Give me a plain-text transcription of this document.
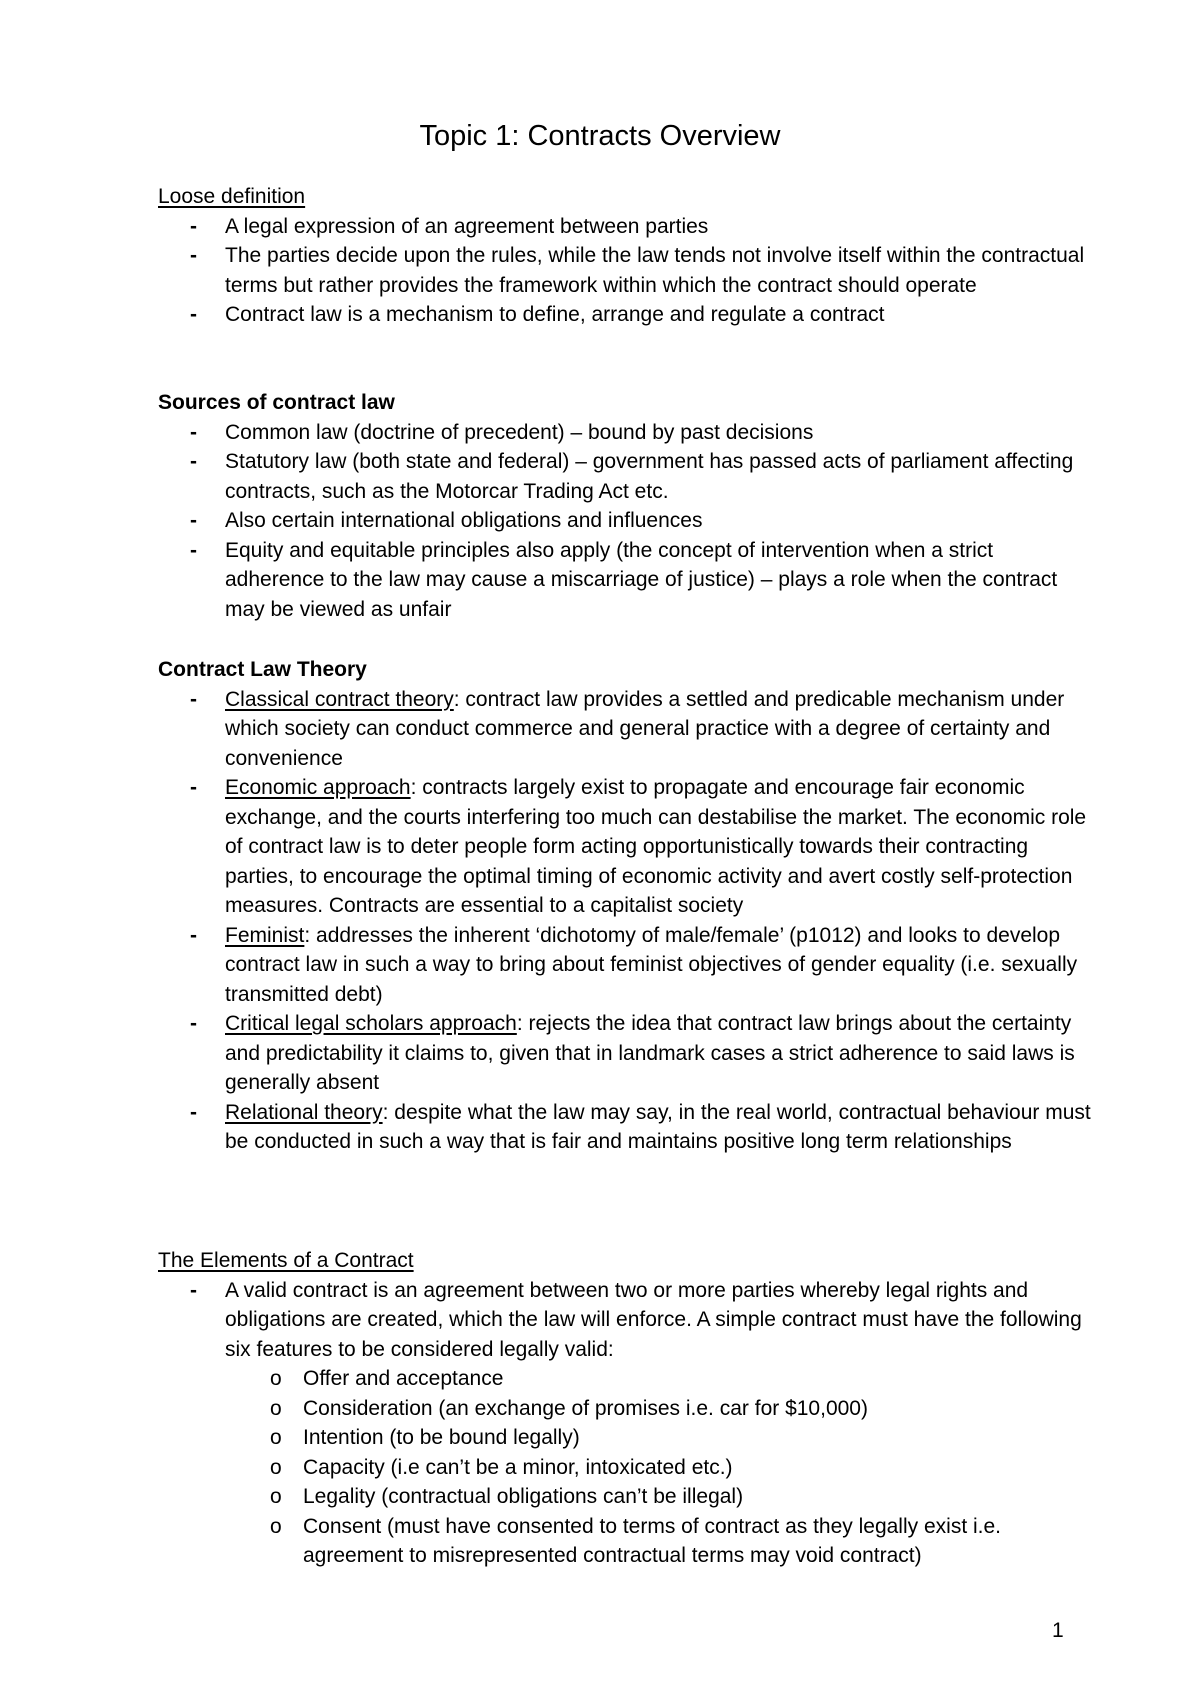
Topic 1: Contracts Overview

Loose definition

- A legal expression of an agreement between parties
- The parties decide upon the rules, while the law tends not involve itself within the contractual terms but rather provides the framework within which the contract should operate
- Contract law is a mechanism to define, arrange and regulate a contract

Sources of contract law

- Common law (doctrine of precedent) – bound by past decisions
- Statutory law (both state and federal) – government has passed acts of parliament affecting contracts, such as the Motorcar Trading Act etc.
- Also certain international obligations and influences
- Equity and equitable principles also apply (the concept of intervention when a strict adherence to the law may cause a miscarriage of justice) – plays a role when the contract may be viewed as unfair

Contract Law Theory

- Classical contract theory: contract law provides a settled and predicable mechanism under which society can conduct commerce and general practice with a degree of certainty and convenience
- Economic approach: contracts largely exist to propagate and encourage fair economic exchange, and the courts interfering too much can destabilise the market. The economic role of contract law is to deter people form acting opportunistically towards their contracting parties, to encourage the optimal timing of economic activity and avert costly self-protection measures. Contracts are essential to a capitalist society
- Feminist: addresses the inherent ‘dichotomy of male/female’ (p1012) and looks to develop contract law in such a way to bring about feminist objectives of gender equality (i.e. sexually transmitted debt)
- Critical legal scholars approach: rejects the idea that contract law brings about the certainty and predictability it claims to, given that in landmark cases a strict adherence to said laws is generally absent
- Relational theory: despite what the law may say, in the real world, contractual behaviour must be conducted in such a way that is fair and maintains positive long term relationships

The Elements of a Contract

- A valid contract is an agreement between two or more parties whereby legal rights and obligations are created, which the law will enforce. A simple contract must have the following six features to be considered legally valid:
o Offer and acceptance
o Consideration (an exchange of promises i.e. car for $10,000)
o Intention (to be bound legally)
o Capacity (i.e can’t be a minor, intoxicated etc.)
o Legality (contractual obligations can’t be illegal)
o Consent (must have consented to terms of contract as they legally exist i.e. agreement to misrepresented contractual terms may void contract)
1
